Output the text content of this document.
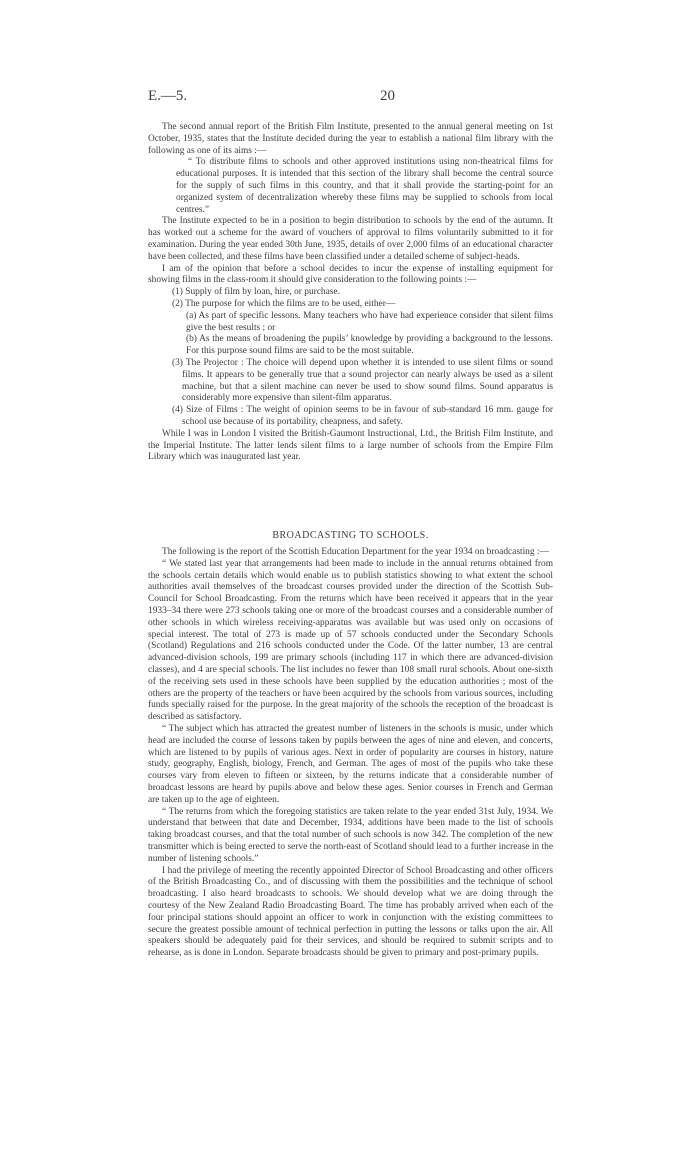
E.—5.	20

The second annual report of the British Film Institute, presented to the annual general meeting on 1st October, 1935, states that the Institute decided during the year to establish a national film library with the following as one of its aims :—

“ To distribute films to schools and other approved institutions using non-theatrical films for educational purposes. It is intended that this section of the library shall become the central source for the supply of such films in this country, and that it shall provide the starting-point for an organized system of decentralization whereby these films may be supplied to schools from local centres.”

The Institute expected to be in a position to begin distribution to schools by the end of the autumn. It has worked out a scheme for the award of vouchers of approval to films voluntarily submitted to it for examination. During the year ended 30th June, 1935, details of over 2,000 films of an educational character have been collected, and these films have been classified under a detailed scheme of subject-heads.

I am of the opinion that before a school decides to incur the expense of installing equipment for showing films in the class-room it should give consideration to the following points :—

(1) Supply of film by loan, hire, or purchase.

(2) The purpose for which the films are to be used, either—

(a) As part of specific lessons. Many teachers who have had experience consider that silent films give the best results ; or

(b) As the means of broadening the pupils’ knowledge by providing a background to the lessons. For this purpose sound films are said to be the most suitable.

(3) The Projector : The choice will depend upon whether it is intended to use silent films or sound films. It appears to be generally true that a sound projector can nearly always be used as a silent machine, but that a silent machine can never be used to show sound films. Sound apparatus is considerably more expensive than silent-film apparatus.

(4) Size of Films : The weight of opinion seems to be in favour of sub-standard 16 mm. gauge for school use because of its portability, cheapness, and safety.

While I was in London I visited the British-Gaumont Instructional, Ltd., the British Film Institute, and the Imperial Institute. The latter lends silent films to a large number of schools from the Empire Film Library which was inaugurated last year.

BROADCASTING TO SCHOOLS.

The following is the report of the Scottish Education Department for the year 1934 on broadcasting :—

“ We stated last year that arrangements had been made to include in the annual returns obtained from the schools certain details which would enable us to publish statistics showing to what extent the school authorities avail themselves of the broadcast courses provided under the direction of the Scottish Sub-Council for School Broadcasting. From the returns which have been received it appears that in the year 1933–34 there were 273 schools taking one or more of the broadcast courses and a considerable number of other schools in which wireless receiving-apparatus was available but was used only on occasions of special interest. The total of 273 is made up of 57 schools conducted under the Secondary Schools (Scotland) Regulations and 216 schools conducted under the Code. Of the latter number, 13 are central advanced-division schools, 199 are primary schools (including 117 in which there are advanced-division classes), and 4 are special schools. The list includes no fewer than 108 small rural schools. About one-sixth of the receiving sets used in these schools have been supplied by the education authorities ; most of the others are the property of the teachers or have been acquired by the schools from various sources, including funds specially raised for the purpose. In the great majority of the schools the reception of the broadcast is described as satisfactory.

“ The subject which has attracted the greatest number of listeners in the schools is music, under which head are included the course of lessons taken by pupils between the ages of nine and eleven, and concerts, which are listened to by pupils of various ages. Next in order of popularity are courses in history, nature study, geography, English, biology, French, and German. The ages of most of the pupils who take these courses vary from eleven to fifteen or sixteen, by the returns indicate that a considerable number of broadcast lessons are heard by pupils above and below these ages. Senior courses in French and German are taken up to the age of eighteen.

“ The returns from which the foregoing statistics are taken relate to the year ended 31st July, 1934. We understand that between that date and December, 1934, additions have been made to the list of schools taking broadcast courses, and that the total number of such schools is now 342. The completion of the new transmitter which is being erected to serve the north-east of Scotland should lead to a further increase in the number of listening schools.”

I had the privilege of meeting the recently appointed Director of School Broadcasting and other officers of the British Broadcasting Co., and of discussing with them the possibilities and the technique of school broadcasting. I also heard broadcasts to schools. We should develop what we are doing through the courtesy of the New Zealand Radio Broadcasting Board. The time has probably arrived when each of the four principal stations should appoint an officer to work in conjunction with the existing committees to secure the greatest possible amount of technical perfection in putting the lessons or talks upon the air. All speakers should be adequately paid for their services, and should be required to submit scripts and to rehearse, as is done in London. Separate broadcasts should be given to primary and post-primary pupils.
